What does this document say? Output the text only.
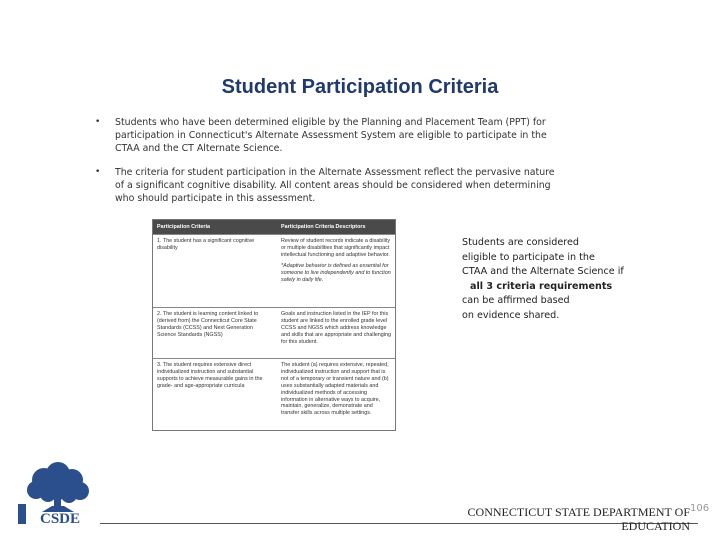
Student Participation Criteria
• Students who have been determined eligible by the Planning and Placement Team (PPT) for participation in Connecticut's Alternate Assessment System are eligible to participate in the CTAA and the CT Alternate Science.
• The criteria for student participation in the Alternate Assessment reflect the pervasive nature of a significant cognitive disability. All content areas should be considered when determining who should participate in this assessment.
Participation Criteria	Participation Criteria Descriptors
1. The student has a significant cognitive disability
Review of student records indicate a disability or multiple disabilities that significantly impact intellectual functioning and adaptive behavior.
*Adaptive behavior is defined as essential for someone to live independently and to function safely in daily life.
2. The student is learning content linked to (derived from) the Connecticut Core State Standards (CCSS) and Next Generation Science Standards (NGSS)
Goals and instruction listed in the IEP for this student are linked to the enrolled grade level CCSS and NGSS which address knowledge and skills that are appropriate and challenging for this student.
3. The student requires extensive direct individualized instruction and substantial supports to achieve measurable gains in the grade- and age-appropriate curricula
The student (a) requires extensive, repeated, individualized instruction and support that is not of a temporary or transient nature and (b) uses substantially adapted materials and individualized methods of accessing information in alternative ways to acquire, maintain, generalize, demonstrate and transfer skills across multiple settings.
Students are considered
eligible to participate in the
CTAA and the Alternate Science if
all 3 criteria requirements
can be affirmed based
on evidence shared.
CSDE	CONNECTICUT STATE DEPARTMENT OF
EDUCATION
106
